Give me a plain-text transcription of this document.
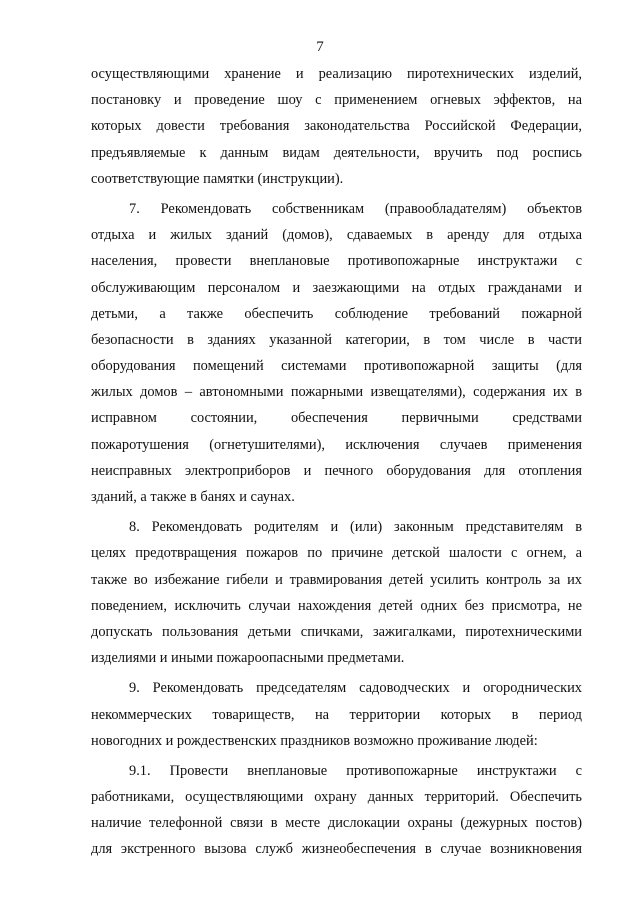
7
осуществляющими хранение и реализацию пиротехнических изделий,
постановку и проведение шоу с применением огневых эффектов, на
которых довести требования законодательства Российской Федерации,
предъявляемые к данным видам деятельности, вручить под роспись
соответствующие памятки (инструкции).
7. Рекомендовать собственникам (правообладателям) объектов
отдыха и жилых зданий (домов), сдаваемых в аренду для отдыха
населения, провести внеплановые противопожарные инструктажи с
обслуживающим персоналом и заезжающими на отдых гражданами и
детьми, а также обеспечить соблюдение требований пожарной
безопасности в зданиях указанной категории, в том числе в части
оборудования помещений системами противопожарной защиты (для
жилых домов – автономными пожарными извещателями), содержания их в
исправном состоянии, обеспечения первичными средствами
пожаротушения (огнетушителями), исключения случаев применения
неисправных электроприборов и печного оборудования для отопления
зданий, а также в банях и саунах.
8. Рекомендовать родителям и (или) законным представителям в
целях предотвращения пожаров по причине детской шалости с огнем, а
также во избежание гибели и травмирования детей усилить контроль за их
поведением, исключить случаи нахождения детей одних без присмотра, не
допускать пользования детьми спичками, зажигалками, пиротехническими
изделиями и иными пожароопасными предметами.
9. Рекомендовать председателям садоводческих и огороднических
некоммерческих товариществ, на территории которых в период
новогодних и рождественских праздников возможно проживание людей:
9.1. Провести внеплановые противопожарные инструктажи с
работниками, осуществляющими охрану данных территорий. Обеспечить
наличие телефонной связи в месте дислокации охраны (дежурных постов)
для экстренного вызова служб жизнеобеспечения в случае возникновения
